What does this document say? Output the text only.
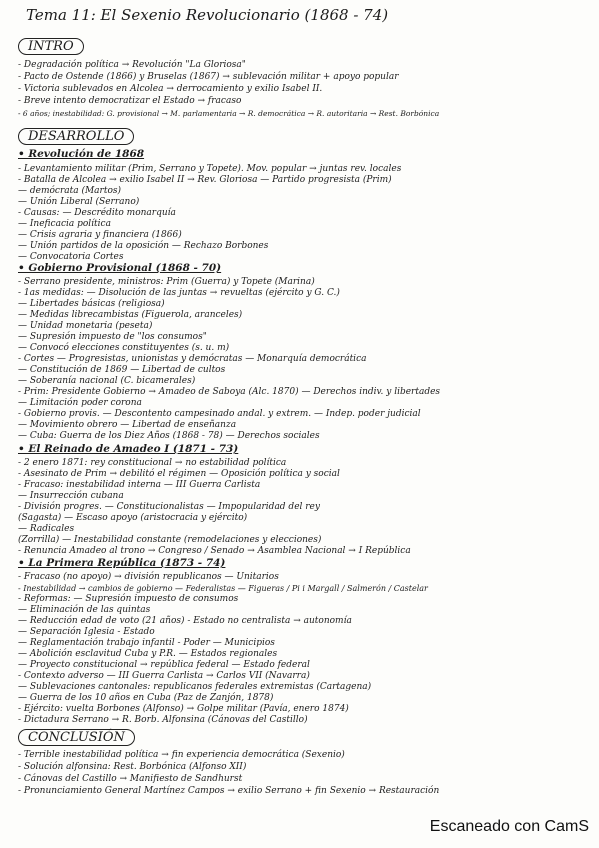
Tema 11: El Sexenio Revolucionario (1868 - 74)
INTRO
- Degradación política → Revolución "La Gloriosa"
- Pacto de Ostende (1866) y Bruselas (1867) → sublevación militar + apoyo popular
- Victoria sublevados en Alcolea → derrocamiento y exilio Isabel II.
- Breve intento democratizar el Estado → fracaso
- 6 años; inestabilidad: G. provisional → M. parlamentaria → R. democrática → R. autoritaria → Rest. Borbónica
DESARROLLO
• Revolución de 1868
- Levantamiento militar (Prim, Serrano y Topete). Mov. popular → juntas rev. locales
- Batalla de Alcolea → exilio Isabel II → Rev. Gloriosa — Partido progresista (Prim)
— demócrata (Martos)
— Unión Liberal (Serrano)
- Causas: — Descrédito monarquía
— Ineficacia política
— Crisis agraria y financiera (1866)
— Unión partidos de la oposición — Rechazo Borbones
— Convocatoria Cortes
• Gobierno Provisional (1868 - 70)
- Serrano presidente, ministros: Prim (Guerra) y Topete (Marina)
- 1as medidas: — Disolución de las juntas → revueltas (ejército y G. C.)
— Libertades básicas (religiosa)
— Medidas librecambistas (Figuerola, aranceles)
— Unidad monetaria (peseta)
— Supresión impuesto de "los consumos"
— Convocó elecciones constituyentes (s. u. m)
- Cortes — Progresistas, unionistas y demócratas — Monarquía democrática
— Constitución de 1869 — Libertad de cultos
— Soberanía nacional (C. bicamerales)
- Prim: Presidente Gobierno → Amadeo de Saboya (Alc. 1870) — Derechos indiv. y libertades
— Limitación poder corona
- Gobierno provis. — Descontento campesinado andal. y extrem. — Indep. poder judicial
— Movimiento obrero — Libertad de enseñanza
— Cuba: Guerra de los Diez Años (1868 - 78) — Derechos sociales
• El Reinado de Amadeo I (1871 - 73)
- 2 enero 1871: rey constitucional → no estabilidad política
- Asesinato de Prim → debilitó el régimen — Oposición política y social
- Fracaso: inestabilidad interna — III Guerra Carlista
— Insurrección cubana
- División progres. — Constitucionalistas — Impopularidad del rey
(Sagasta) — Escaso apoyo (aristocracia y ejército)
— Radicales
(Zorrilla) — Inestabilidad constante (remodelaciones y elecciones)
- Renuncia Amadeo al trono → Congreso / Senado → Asamblea Nacional → I República
• La Primera República (1873 - 74)
- Fracaso (no apoyo) → división republicanos — Unitarios
- Inestabilidad → cambios de gobierno — Federalistas — Figueras / Pi i Margall / Salmerón / Castelar
- Reformas: — Supresión impuesto de consumos
— Eliminación de las quintas
— Reducción edad de voto (21 años) - Estado no centralista → autonomía
— Separación Iglesia - Estado
— Reglamentación trabajo infantil - Poder — Municipios
— Abolición esclavitud Cuba y P.R. — Estados regionales
— Proyecto constitucional → república federal — Estado federal
- Contexto adverso — III Guerra Carlista → Carlos VII (Navarra)
— Sublevaciones cantonales: republicanos federales extremistas (Cartagena)
— Guerra de los 10 años en Cuba (Paz de Zanjón, 1878)
- Ejército: vuelta Borbones (Alfonso) → Golpe militar (Pavía, enero 1874)
- Dictadura Serrano → R. Borb. Alfonsina (Cánovas del Castillo)
CONCLUSIÓN
- Terrible inestabilidad política → fin experiencia democrática (Sexenio)
- Solución alfonsina: Rest. Borbónica (Alfonso XII)
- Cánovas del Castillo → Manifiesto de Sandhurst
- Pronunciamiento General Martínez Campos → exilio Serrano + fin Sexenio → Restauración
Escaneado con CamS
